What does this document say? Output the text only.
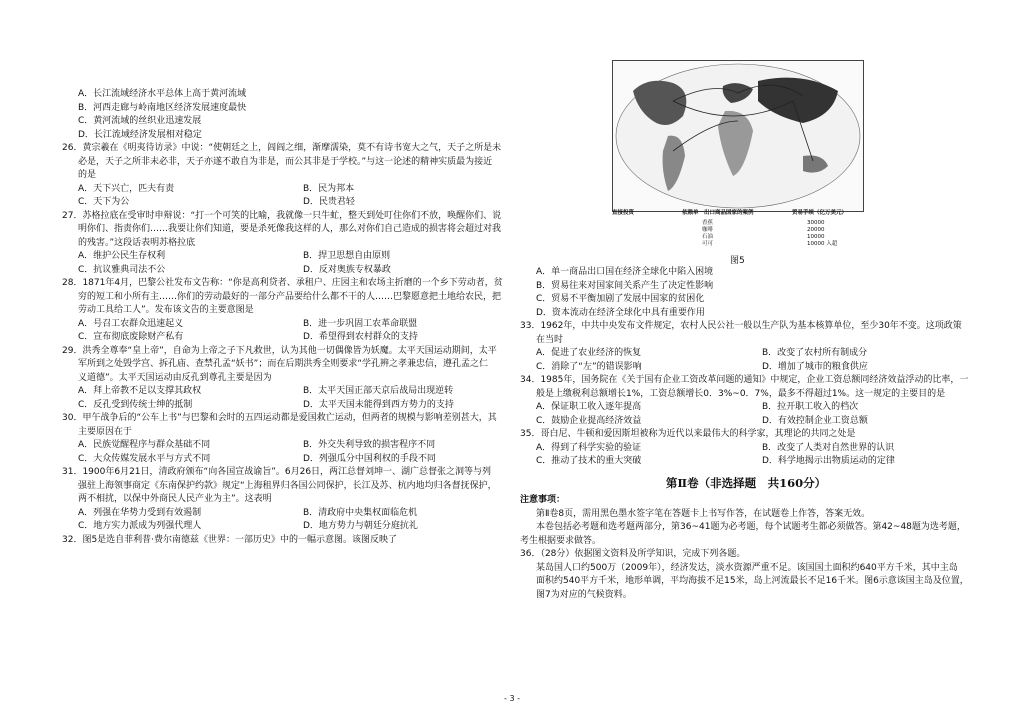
A．长江流域经济水平总体上高于黄河流域
B．河西走廊与岭南地区经济发展速度最快
C．黄河流域的丝织业迅速发展
D．长江流域经济发展相对稳定
26．黄宗羲在《明夷待访录》中说：“使朝廷之上，闾阎之细，渐摩濡染，莫不有诗书宽大之气，天子之所是未
必是，天子之所非未必非，天子亦遂不敢自为非是，而公其非是于学校。”与这一论述的精神实质最为接近
的是
A．天下兴亡，匹夫有责	B．民为邦本
C．天下为公	D．民贵君轻
27．苏格拉底在受审时申辩说：“打一个可笑的比喻，我就像一只牛虻，整天到处叮住你们不放，唤醒你们、说
明你们、指责你们……我要让你们知道，要是杀死像我这样的人，那么对你们自己造成的损害将会超过对我
的残害。”这段话表明苏格拉底
A．维护公民生存权利	B．捍卫思想自由原则
C．抗议雅典司法不公	D．反对奥族专权暴政
28．1871年4月，巴黎公社发布文告称：“你是高利贷者、承租户、庄园主和农场主折磨的一个乡下劳动者，贫
穷的短工和小所有主……你们的劳动最好的一部分产品要给什么都不干的人……巴黎愿意把土地给农民，把
劳动工具给工人”。发布该文告的主要意图是
A．号召工农群众迅速起义	B．进一步巩固工农革命联盟
C．宣布彻底废除财产私有	D．希望得到农村群众的支持
29．洪秀全尊奉“皇上帝”，自命为上帝之子下凡救世，认为其他一切偶像皆为妖魔。太平天国运动期间，太平
军所到之处毁学宫、拆孔庙、查禁孔孟“妖书”；而在后期洪秀全则要求“学孔辨之孝兼忠信，遵孔孟之仁
义道德”。太平天国运动由反孔到尊孔主要是因为
A．拜上帝教不足以支撑其政权	B．太平天国正部天京后战局出现逆转
C．反孔受到传统士绅的抵制	D．太平天国未能得到西方势力的支持
30．甲午战争后的“公车上书”与巴黎和会时的五四运动都是爱国救亡运动，但两者的规模与影响差别甚大，其
主要原因在于
A．民族觉醒程序与群众基础不同	B．外交失利导致的损害程序不同
C．大众传媒发展水平与方式不同	D．列强瓜分中国利权的手段不同
31．1900年6月21日，清政府颁布“向各国宣战谕旨”。6月26日，两江总督刘坤一、湖广总督张之洞等与列
强驻上海领事商定《东南保护约款》规定“上海租界归各国公同保护，长江及苏、杭内地均归各督抚保护，
两不相扰，以保中外商民人民产业为主”。这表明
A．列强在华势力受到有效遏制	B．清政府中央集权面临危机
C．地方实力派成为列强代理人	D．地方势力与朝廷分庭抗礼
32．图5是选自菲利普·费尔南德兹《世界：一部历史》中的一幅示意图。该图反映了
直接投资	依赖单一出口商品国家的案例	贸易手续（亿万美元）
香蕉
咖啡
石油
可可
30000
20000
10000
10000 入超
图5
A．单一商品出口国在经济全球化中陷入困境
B．贸易往来对国家间关系产生了决定性影响
C．贸易不平衡加剧了发展中国家的贫困化
D．资本流动在经济全球化中具有重要作用
33．1962年，中共中央发布文件规定，农村人民公社一般以生产队为基本核算单位，至少30年不变。这项政策
在当时
A．促进了农业经济的恢复	B．改变了农村所有制成分
C．消除了“左”的错误影响	D．增加了城市的粮食供应
34．1985年，国务院在《关于国有企业工资改革问题的通知》中规定，企业工资总额同经济效益浮动的比率，一
般是上缴税利总额增长1%，工资总额增长0．3%~0．7%，最多不得超过1%。这一规定的主要目的是
A．保证职工收入逐年提高	B．拉开职工收入的档次
C．鼓励企业提高经济效益	D．有效控制企业工资总额
35．哥白尼、牛顿和爱因斯坦被称为近代以来最伟大的科学家，其理论的共同之处是
A．得到了科学实验的验证	B．改变了人类对自然世界的认识
C．推动了技术的重大突破	D．科学地揭示出物质运动的定律
第Ⅱ卷（非选择题　共160分）
注意事项：
第Ⅱ卷8页，需用黑色墨水签字笔在答题卡上书写作答，在试题卷上作答，答案无效。
本卷包括必考题和选考题两部分，第36~41题为必考题，每个试题考生都必须做答。第42~48题为选考题，
考生根据要求做答。
36．（28分）依据图文资料及所学知识，完成下列各题。
某岛国人口约500万（2009年），经济发达，淡水资源严重不足。该国国土面积约640平方千米，其中主岛
面积约540平方千米，地形单调，平均海拔不足15米，岛上河流最长不足16千米。图6示意该国主岛及位置，
图7为对应的气候资料。
- 3 -
